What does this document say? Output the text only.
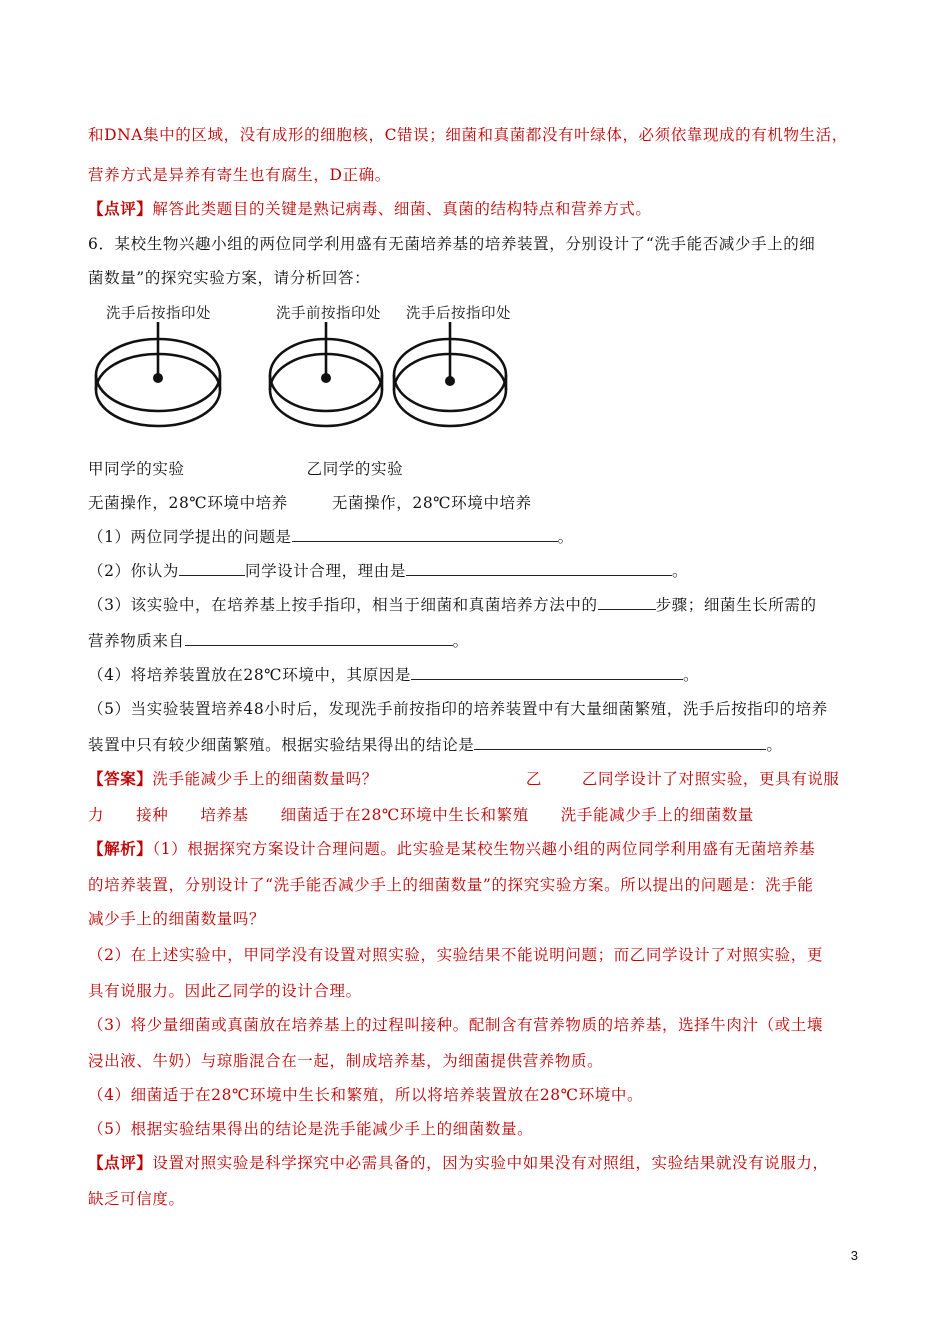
和DNA集中的区域，没有成形的细胞核，C错误；细菌和真菌都没有叶绿体，必须依靠现成的有机物生活，
营养方式是异养有寄生也有腐生，D正确。
【点评】解答此类题目的关键是熟记病毒、细菌、真菌的结构特点和营养方式。
6．某校生物兴趣小组的两位同学利用盛有无菌培养基的培养装置，分别设计了“洗手能否减少手上的细
菌数量”的探究实验方案，请分析回答：
洗手后按指印处	洗手前按指印处 洗手后按指印处
甲同学的实验	乙同学的实验
无菌操作，28℃环境中培养	无菌操作，28℃环境中培养
（1）两位同学提出的问题是	。
（2）你认为	同学设计合理，理由是	。
（3）该实验中，在培养基上按手指印，相当于细菌和真菌培养方法中的	步骤；细菌生长所需的
营养物质来自	。
（4）将培养装置放在28℃环境中，其原因是	。
（5）当实验装置培养48小时后，发现洗手前按指印的培养装置中有大量细菌繁殖，洗手后按指印的培养
装置中只有较少细菌繁殖。根据实验结果得出的结论是	。
【答案】洗手能减少手上的细菌数量吗？	乙	乙同学设计了对照实验，更具有说服
力 接种 培养基 细菌适于在28℃环境中生长和繁殖 洗手能减少手上的细菌数量
【解析】（1）根据探究方案设计合理问题。此实验是某校生物兴趣小组的两位同学利用盛有无菌培养基
的培养装置，分别设计了“洗手能否减少手上的细菌数量”的探究实验方案。所以提出的问题是：洗手能
减少手上的细菌数量吗？
（2）在上述实验中，甲同学没有设置对照实验，实验结果不能说明问题；而乙同学设计了对照实验，更
具有说服力。因此乙同学的设计合理。
（3）将少量细菌或真菌放在培养基上的过程叫接种。配制含有营养物质的培养基，选择牛肉汁（或土壤
浸出液、牛奶）与琼脂混合在一起，制成培养基，为细菌提供营养物质。
（4）细菌适于在28℃环境中生长和繁殖，所以将培养装置放在28℃环境中。
（5）根据实验结果得出的结论是洗手能减少手上的细菌数量。
【点评】设置对照实验是科学探究中必需具备的，因为实验中如果没有对照组，实验结果就没有说服力，
缺乏可信度。
3
